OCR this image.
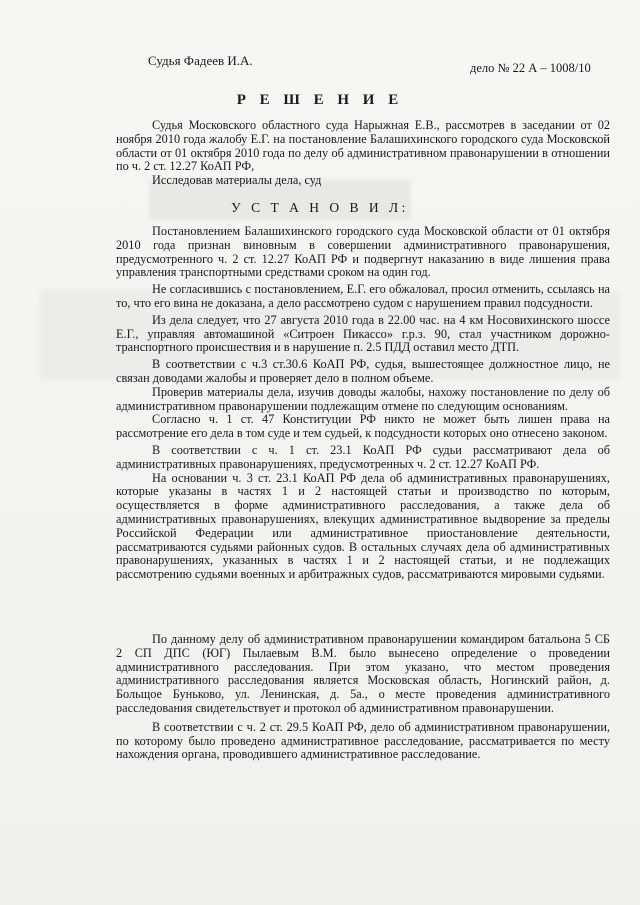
Судья Фадеев И.А.	дело № 22 А – 1008/10

Р Е Ш Е Н И Е

Судья Московского областного суда Нарыжная Е.В., рассмотрев в заседании от 02 ноября 2010 года жалобу Е.Г. на постановление Балашихинского городского суда Московской области от 01 октября 2010 года по делу об административном правонарушении в отношении по ч. 2 ст. 12.27 КоАП РФ,

Исследовав материалы дела, суд

У С Т А Н О В И Л:

Постановлением Балашихинского городского суда Московской области от 01 октября 2010 года признан виновным в совершении административного правонарушения, предусмотренного ч. 2 ст. 12.27 КоАП РФ и подвергнут наказанию в виде лишения права управления транспортными средствами сроком на один год.

Не согласившись с постановлением, Е.Г. его обжаловал, просил отменить, ссылаясь на то, что его вина не доказана, а дело рассмотрено судом с нарушением правил подсудности.

Из дела следует, что 27 августа 2010 года в 22.00 час. на 4 км Носовихинского шоссе Е.Г., управляя автомашиной «Ситроен Пикассо» г.р.з. 90, стал участником дорожно-транспортного происшествия и в нарушение п. 2.5 ПДД оставил место ДТП.

В соответствии с ч.3 ст.30.6 КоАП РФ, судья, вышестоящее должностное лицо, не связан доводами жалобы и проверяет дело в полном объеме.

Проверив материалы дела, изучив доводы жалобы, нахожу постановление по делу об административном правонарушении подлежащим отмене по следующим основаниям.

Согласно ч. 1 ст. 47 Конституции РФ никто не может быть лишен права на рассмотрение его дела в том суде и тем судьей, к подсудности которых оно отнесено законом.

В соответствии с ч. 1 ст. 23.1 КоАП РФ судьи рассматривают дела об административных правонарушениях, предусмотренных ч. 2 ст. 12.27 КоАП РФ.

На основании ч. 3 ст. 23.1 КоАП РФ дела об административных правонарушениях, которые указаны в частях 1 и 2 настоящей статьи и производство по которым, осуществляется в форме административного расследования, а также дела об административных правонарушениях, влекущих административное выдворение за пределы Российской Федерации или административное приостановление деятельности, рассматриваются судьями районных судов. В остальных случаях дела об административных правонарушениях, указанных в частях 1 и 2 настоящей статьи, и не подлежащих рассмотрению судьями военных и арбитражных судов, рассматриваются мировыми судьями.

По данному делу об административном правонарушении командиром батальона 5 СБ 2 СП ДПС (ЮГ) Пылаевым В.М. было вынесено определение о проведении административного расследования. При этом указано, что местом проведения административного расследования является Московская область, Ногинский район, д. Больщое Буньково, ул. Ленинская, д. 5а., о месте проведения административного расследования свидетельствует и протокол об административном правонарушении.

В соответствии с ч. 2 ст. 29.5 КоАП РФ, дело об административном правонарушении, по которому было проведено административное расследование, рассматривается по месту нахождения органа, проводившего административное расследование.
